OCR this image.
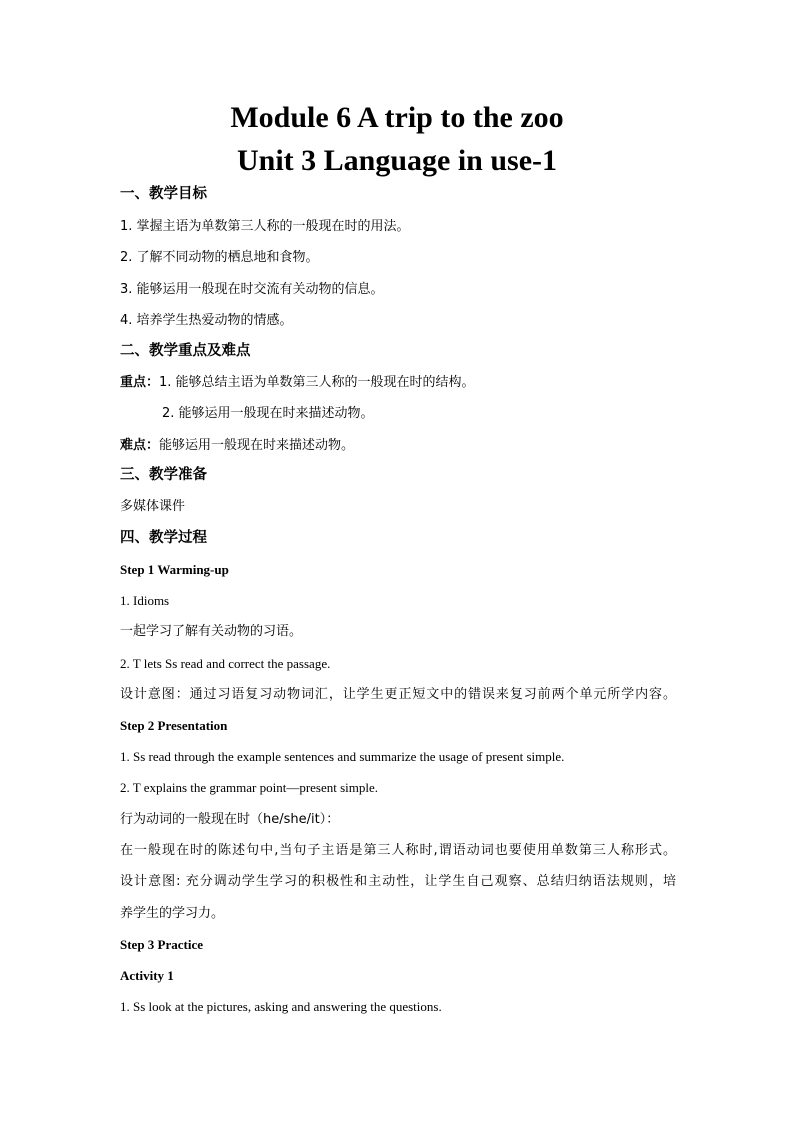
Module 6 A trip to the zoo
Unit 3 Language in use-1
一、教学目标
1. 掌握主语为单数第三人称的一般现在时的用法。
2. 了解不同动物的栖息地和食物。
3. 能够运用一般现在时交流有关动物的信息。
4. 培养学生热爱动物的情感。
二、教学重点及难点
重点：1. 能够总结主语为单数第三人称的一般现在时的结构。
2. 能够运用一般现在时来描述动物。
难点：能够运用一般现在时来描述动物。
三、教学准备
多媒体课件
四、教学过程
Step 1 Warming-up
1. Idioms
一起学习了解有关动物的习语。
2. T lets Ss read and correct the passage.
设计意图：通过习语复习动物词汇，让学生更正短文中的错误来复习前两个单元所学内容。
Step 2 Presentation
1. Ss read through the example sentences and summarize the usage of present simple.
2. T explains the grammar point—present simple.
行为动词的一般现在时（he/she/it）：
在一般现在时的陈述句中,当句子主语是第三人称时,谓语动词也要使用单数第三人称形式。
设计意图: 充分调动学生学习的积极性和主动性，让学生自己观察、总结归纳语法规则，培
养学生的学习力。
Step 3 Practice
Activity 1
1. Ss look at the pictures, asking and answering the questions.
